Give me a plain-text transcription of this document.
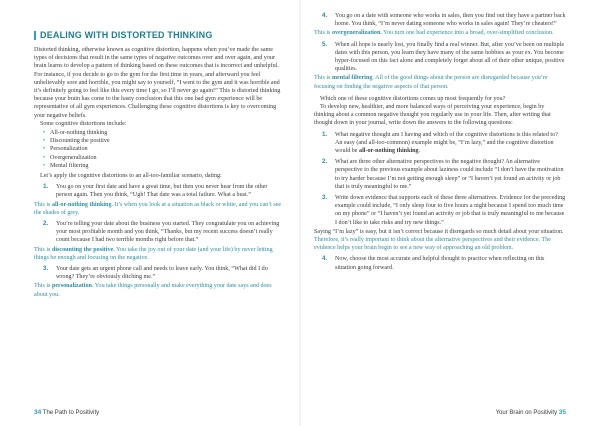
DEALING WITH DISTORTED THINKING

Distorted thinking, otherwise known as cognitive distortion, happens when you’ve made the same types of decisions that result in the same types of negative outcomes over and over again, and your brain learns to develop a pattern of thinking based on these outcomes that is incorrect and unhelpful. For instance, if you decide to go to the gym for the first time in years, and afterward you feel unbelievably sore and horrible, you might say to yourself, “I went to the gym and it was horrible and it’s definitely going to feel like this every time I go, so I’ll never go again!” This is distorted thinking because your brain has come to the hasty conclusion that this one bad gym experience will be representative of all gym experiences. Challenging these cognitive distortions is key to overcoming your negative beliefs.

Some cognitive distortions include:

• All-or-nothing thinking
• Discounting the positive
• Personalization
• Overgeneralization
• Mental filtering

Let’s apply the cognitive distortions to an all-too-familiar scenario, dating:

1.	You go on your first date and have a great time, but then you never hear from the other person again. Then you think, “Ugh! That date was a total failure. What a bust.”

This is all-or-nothing thinking. It’s when you look at a situation as black or white, and you can’t see the shades of grey.

2.	You’re telling your date about the business you started. They congratulate you on achieving your most profitable month and you think, “Thanks, but my recent success doesn’t really count because I had two terrible months right before that.”

This is discounting the positive. You take the joy out of your date (and your life) by never letting things be enough and focusing on the negative.

3.	Your date gets an urgent phone call and needs to leave early. You think, “What did I do wrong? They’re obviously ditching me.”

This is personalization. You take things personally and make everything your date says and does about you.

34 The Path to Positivity
4.	You go on a date with someone who works in sales, then you find out they have a partner back home. You think, “I’m never dating someone who works in sales again! They’re cheaters!”

This is overgeneralization. You turn one bad experience into a broad, over-simplified conclusion.

5.	When all hope is nearly lost, you finally find a real winner. But, after you’ve been on multiple dates with this person, you learn they have many of the same hobbies as your ex. You become hyper-focused on this fact alone and completely forget about all of their other unique, positive qualities.

This is mental filtering. All of the good things about the person are disregarded because you’re focusing on finding the negative aspects of that person.

Which one of these cognitive distortions comes up most frequently for you?

To develop new, healthier, and more balanced ways of perceiving your experience, begin by thinking about a common negative thought you regularly use in your life. Then, after writing that thought down in your journal, write down the answers to the following questions:

1.	What negative thought am I having and which of the cognitive distortions is this related to? An easy (and all-too-common) example might be, “I’m lazy,” and the cognitive distortion would be all-or-nothing thinking.
2.	What are three other alternative perspectives to the negative thought? An alternative perspective to the previous example about laziness could include “I don’t have the motivation to try harder because I’m not getting enough sleep” or “I haven’t yet found an activity or job that is truly meaningful to me.”
3.	Write down evidence that supports each of these three alternatives. Evidence for the preceding example could include, “I only sleep four to five hours a night because I spend too much time on my phone” or “I haven’t yet found an activity or job that is truly meaningful to me because I don’t like to take risks and try new things.”

Saying “I’m lazy” is easy, but it isn’t correct because it disregards so much detail about your situation. Therefore, it’s really important to think about the alternative perspectives and their evidence. The evidence helps your brain begin to see a new way of approaching an old problem.

4.	Now, choose the most accurate and helpful thought to practice when reflecting on this situation going forward.
Your Brain on Positivity 35
